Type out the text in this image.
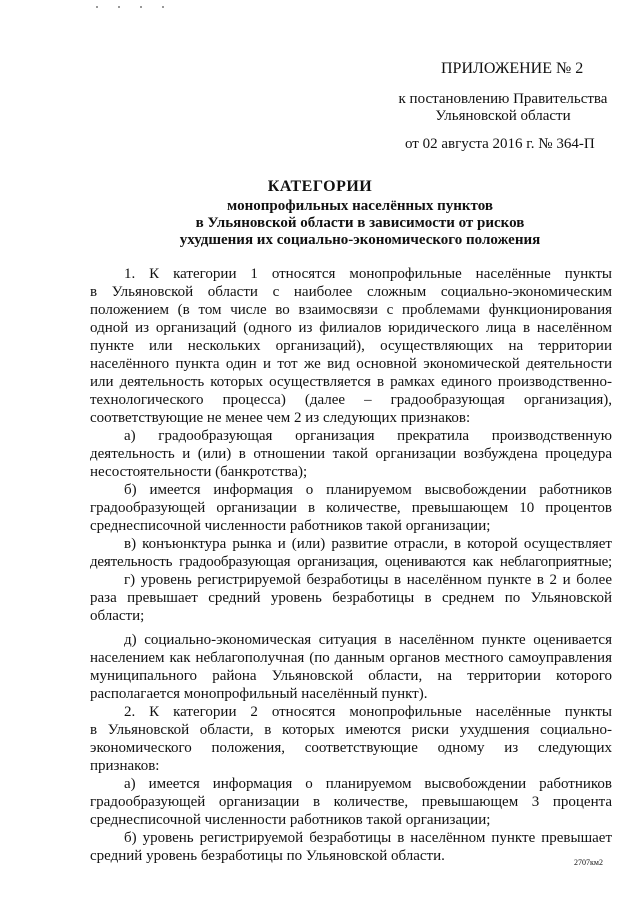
ПРИЛОЖЕНИЕ № 2
к постановлению Правительства
Ульяновской области
от 02 августа 2016 г. № 364-П
КАТЕГОРИИ
монопрофильных населённых пунктов
в Ульяновской области в зависимости от рисков
ухудшения их социально-экономического положения
1. К категории 1 относятся монопрофильные населённые пункты
в Ульяновской области с наиболее сложным социально-экономическим
положением (в том числе во взаимосвязи с проблемами функционирования
одной из организаций (одного из филиалов юридического лица в населённом
пункте или нескольких организаций), осуществляющих на территории
населённого пункта один и тот же вид основной экономической деятельности
или деятельность которых осуществляется в рамках единого производственно-
технологического процесса) (далее – градообразующая организация),
соответствующие не менее чем 2 из следующих признаков:
а) градообразующая организация прекратила производственную
деятельность и (или) в отношении такой организации возбуждена процедура
несостоятельности (банкротства);
б) имеется информация о планируемом высвобождении работников
градообразующей организации в количестве, превышающем 10 процентов
среднесписочной численности работников такой организации;
в) конъюнктура рынка и (или) развитие отрасли, в которой осуществляет
деятельность градообразующая организация, оцениваются как неблагоприятные;
г) уровень регистрируемой безработицы в населённом пункте в 2 и более
раза превышает средний уровень безработицы в среднем по Ульяновской
области;
д) социально-экономическая ситуация в населённом пункте оценивается
населением как неблагополучная (по данным органов местного самоуправления
муниципального района Ульяновской области, на территории которого
располагается монопрофильный населённый пункт).
2. К категории 2 относятся монопрофильные населённые пункты
в Ульяновской области, в которых имеются риски ухудшения социально-
экономического положения, соответствующие одному из следующих
признаков:
а) имеется информация о планируемом высвобождении работников
градообразующей организации в количестве, превышающем 3 процента
среднесписочной численности работников такой организации;
б) уровень регистрируемой безработицы в населённом пункте превышает
средний уровень безработицы по Ульяновской области.	2707км2
